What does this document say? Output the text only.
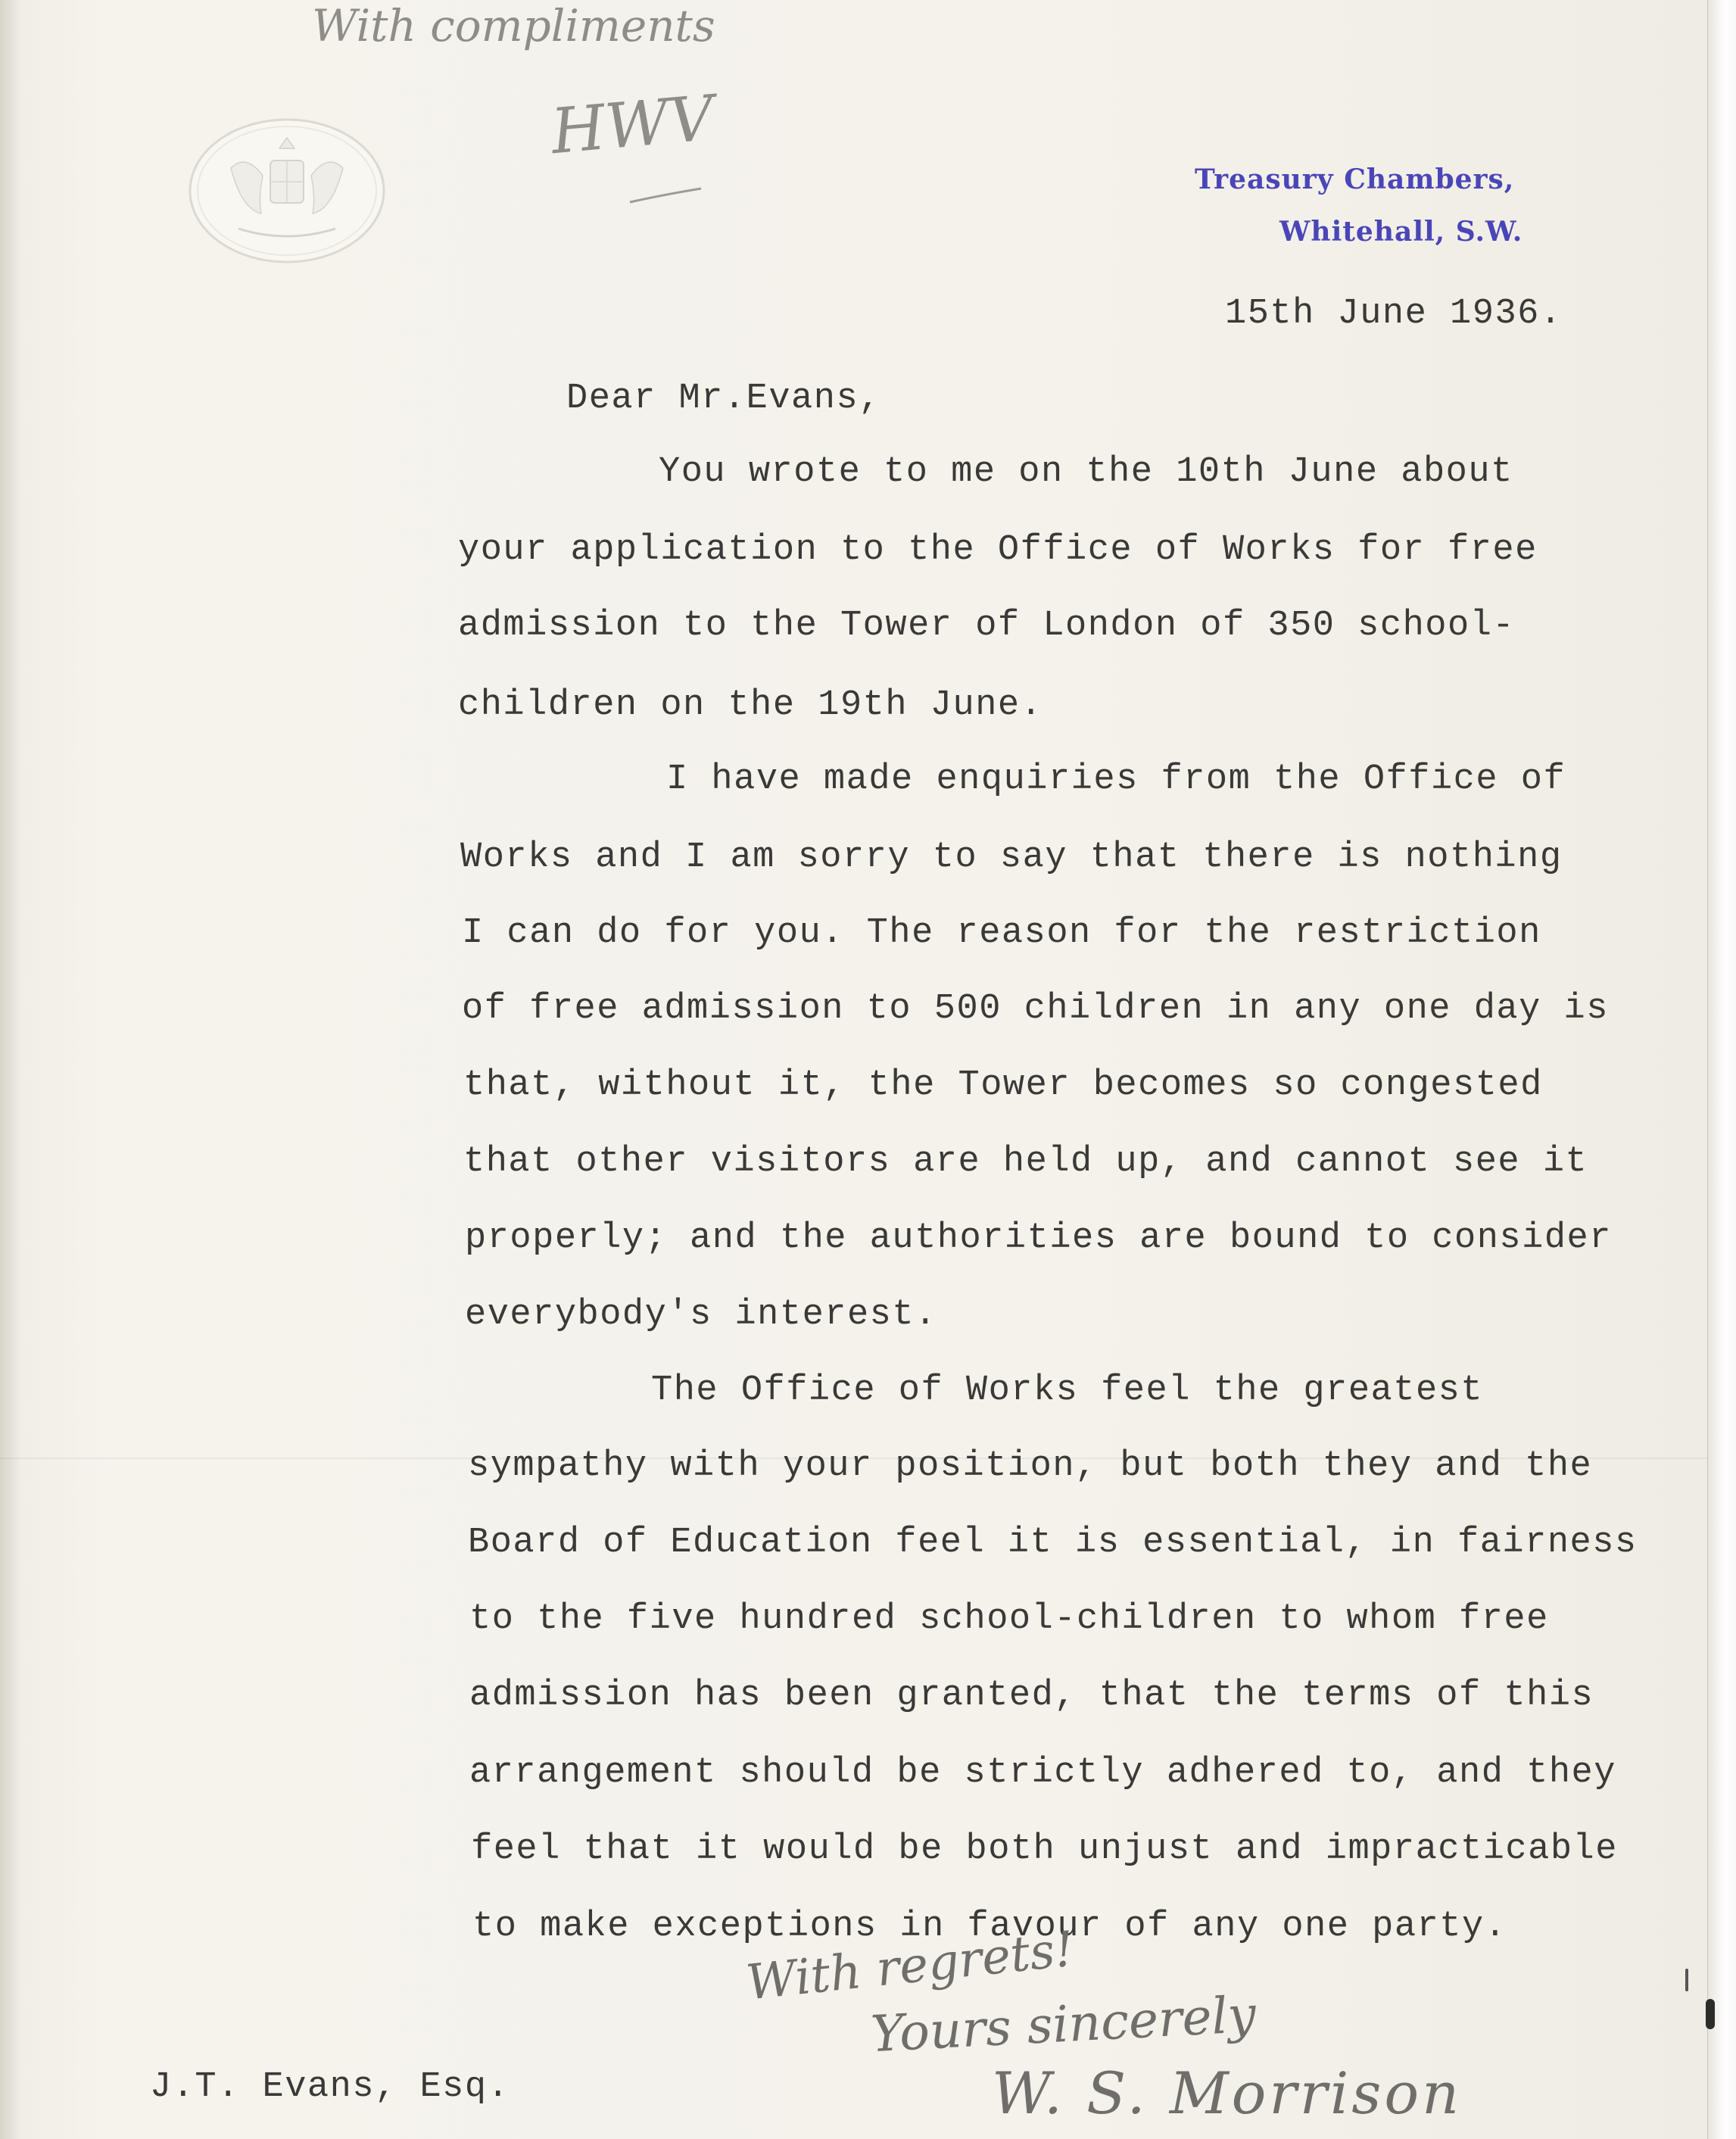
With compliments
HWV
Treasury Chambers,
Whitehall, S.W.
15th June 1936.
Dear Mr.Evans,
You wrote to me on the 10th June about
your application to the Office of Works for free
admission to the Tower of London of 350 school-
children on the 19th June.
I have made enquiries from the Office of
Works and I am sorry to say that there is nothing
I can do for you. The reason for the restriction
of free admission to 500 children in any one day is
that, without it, the Tower becomes so congested
that other visitors are held up, and cannot see it
properly; and the authorities are bound to consider
everybody's interest.
The Office of Works feel the greatest
sympathy with your position, but both they and the
Board of Education feel it is essential, in fairness
to the five hundred school-children to whom free
admission has been granted, that the terms of this
arrangement should be strictly adhered to, and they
feel that it would be both unjust and impracticable
to make exceptions in favour of any one party.
With regrets!
Yours sincerely
W. S. Morrison
J.T. Evans, Esq.
